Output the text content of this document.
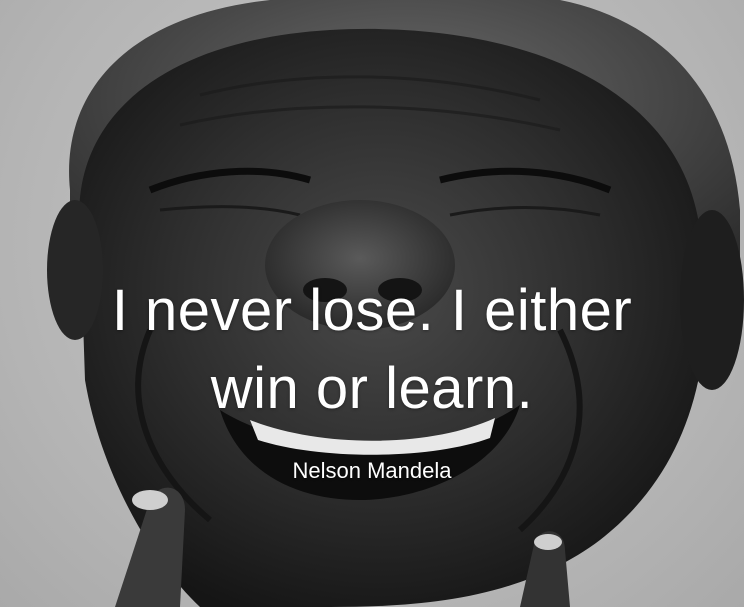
I never lose. I either
win or learn.
Nelson Mandela
